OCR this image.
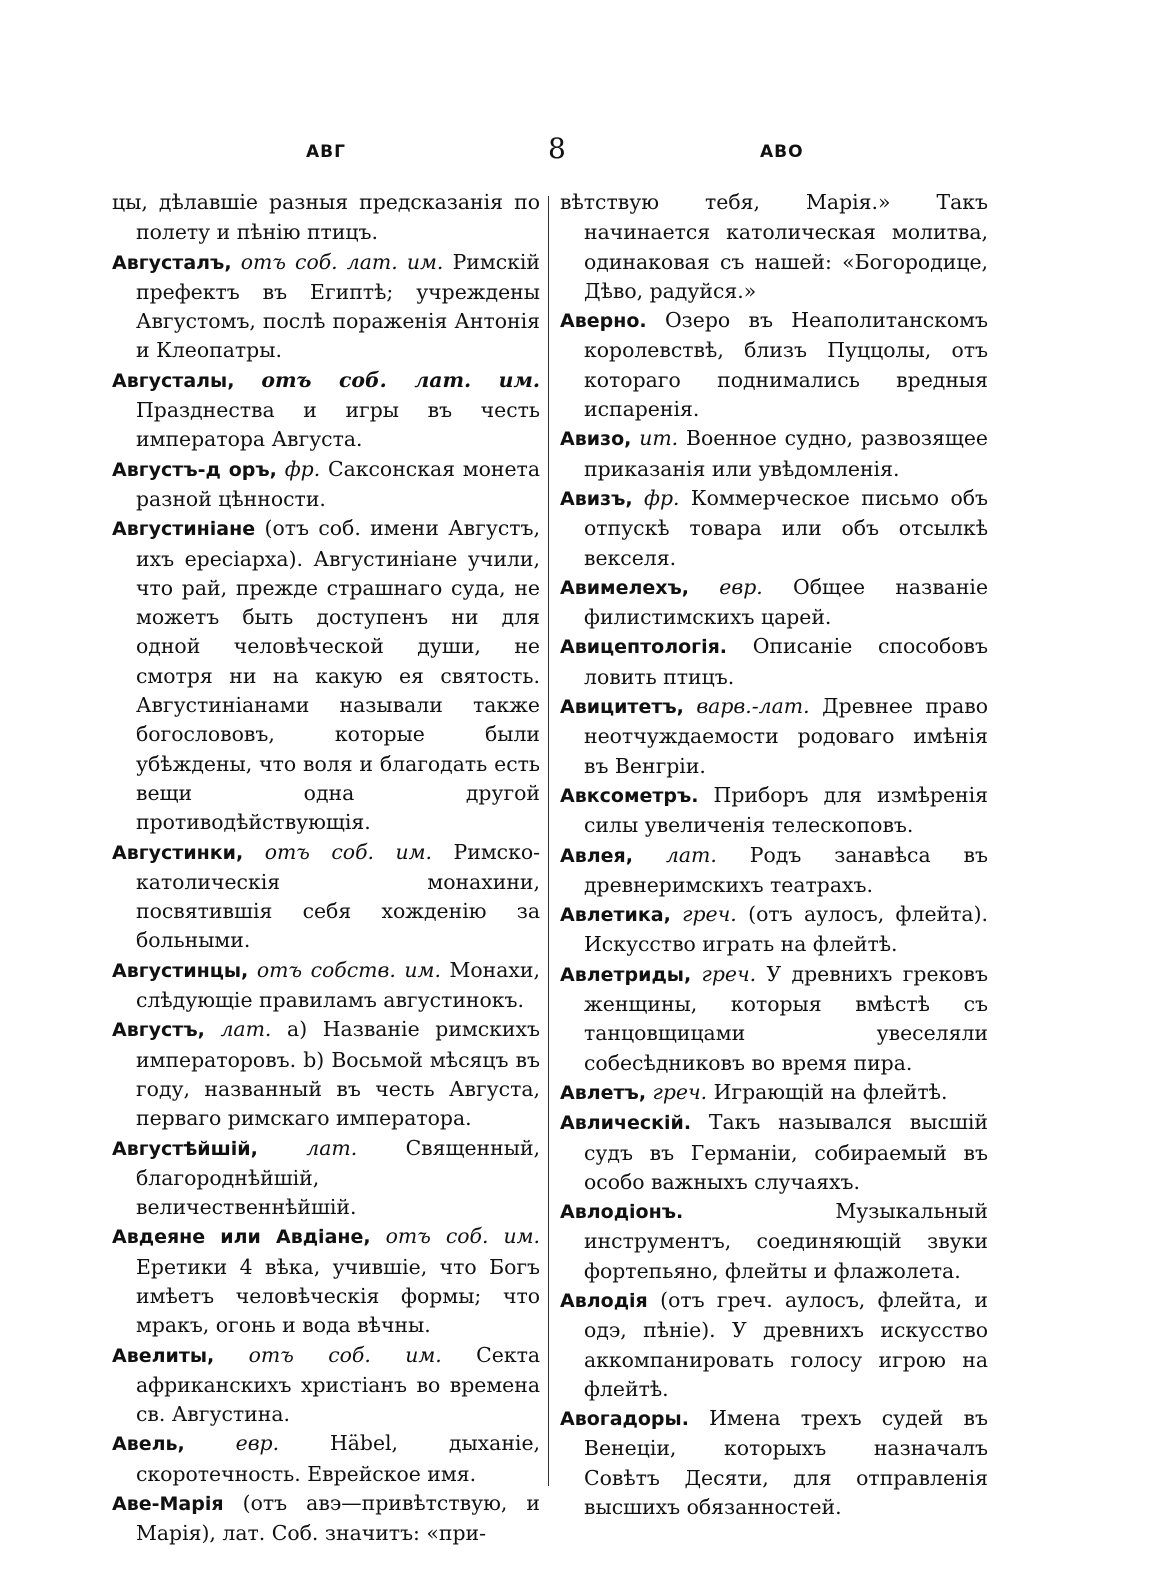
АВГ	8	АВО

цы, дѣлавшіе разныя предсказанія по полету и пѣнію птицъ.

Августалъ, отъ соб. лат. им. Римскій префектъ въ Египтѣ; учреждены Августомъ, послѣ пораженія Антонія и Клеопатры.

Августалы, отъ соб. лат. им. Празднества и игры въ честь императора Августа.

Августъ-д оръ, фр. Саксонская монета разной цѣнности.

Августиніане (отъ соб. имени Августъ, ихъ ересіарха). Августиніане учили, что рай, прежде страшнаго суда, не можетъ быть доступенъ ни для одной человѣческой души, не смотря ни на какую ея святость. Августиніанами называли также богослововъ, которые были убѣждены, что воля и благодать есть вещи одна другой противодѣйствующія.

Августинки, отъ соб. им. Римско-католическія монахини, посвятившія себя хожденію за больными.

Августинцы, отъ собств. им. Монахи, слѣдующіе правиламъ августинокъ.

Августъ, лат. а) Названіе римскихъ императоровъ. b) Восьмой мѣсяцъ въ году, названный въ честь Августа, перваго римскаго императора.

Августѣйшій, лат. Священный, благороднѣйшій, величественнѣйшій.

Авдеяне или Авдіане, отъ соб. им. Еретики 4 вѣка, учившіе, что Богъ имѣетъ человѣческія формы; что мракъ, огонь и вода вѣчны.

Авелиты, отъ соб. им. Секта африканскихъ христіанъ во времена св. Августина.

Авель, евр. Häbel, дыханіе, скоротечность. Еврейское имя.

Аве-Марія (отъ авэ—привѣтствую, и Марія), лат. Соб. значитъ: «при-

вѣтствую тебя, Марія.» Такъ начинается католическая молитва, одинаковая съ нашей: «Богородице, Дѣво, радуйся.»

Аверно. Озеро въ Неаполитанскомъ королевствѣ, близъ Пуццолы, отъ котораго поднимались вредныя испаренія.

Авизо, ит. Военное судно, развозящее приказанія или увѣдомленія.

Авизъ, фр. Коммерческое письмо объ отпускѣ товара или объ отсылкѣ векселя.

Авимелехъ, евр. Общее названіе филистимскихъ царей.

Авицептологія. Описаніе способовъ ловить птицъ.

Авицитетъ, варв.-лат. Древнее право неотчуждаемости родоваго имѣнія въ Венгріи.

Авксометръ. Приборъ для измѣренія силы увеличенія телескоповъ.

Авлея, лат. Родъ занавѣса въ древнеримскихъ театрахъ.

Авлетика, греч. (отъ аулосъ, флейта). Искусство играть на флейтѣ.

Авлетриды, греч. У древнихъ грековъ женщины, которыя вмѣстѣ съ танцовщицами увеселяли собесѣдниковъ во время пира.

Авлетъ, греч. Играющій на флейтѣ.

Авлическій. Такъ назывался высшій судъ въ Германіи, собираемый въ особо важныхъ случаяхъ.

Авлодіонъ.	Музыкальный инструментъ, соединяющій звуки фортепьяно, флейты и флажолета.

Авлодія (отъ греч. аулосъ, флейта, и одэ, пѣніе). У древнихъ искусство аккомпанировать голосу игрою на флейтѣ.

Авогадоры. Имена трехъ судей въ Венеціи, которыхъ назначалъ Совѣтъ Десяти, для отправленія высшихъ обязанностей.
